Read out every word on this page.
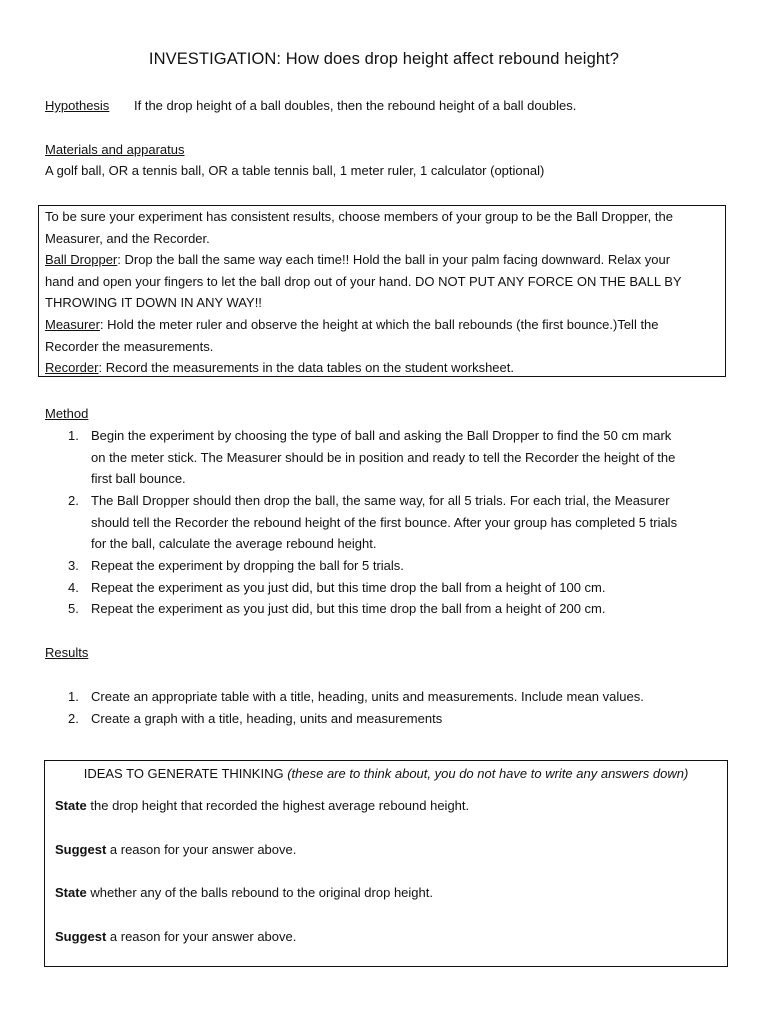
INVESTIGATION: How does drop height affect rebound height?
Hypothesis If the drop height of a ball doubles, then the rebound height of a ball doubles.
Materials and apparatus
A golf ball, OR a tennis ball, OR a table tennis ball, 1 meter ruler, 1 calculator (optional)
To be sure your experiment has consistent results, choose members of your group to be the Ball Dropper, the
Measurer, and the Recorder.
Ball Dropper: Drop the ball the same way each time!! Hold the ball in your palm facing downward. Relax your
hand and open your fingers to let the ball drop out of your hand. DO NOT PUT ANY FORCE ON THE BALL BY
THROWING IT DOWN IN ANY WAY!!
Measurer: Hold the meter ruler and observe the height at which the ball rebounds (the first bounce.)Tell the
Recorder the measurements.
Recorder: Record the measurements in the data tables on the student worksheet.
Method
1. Begin the experiment by choosing the type of ball and asking the Ball Dropper to find the 50 cm mark
on the meter stick. The Measurer should be in position and ready to tell the Recorder the height of the
first ball bounce.
2. The Ball Dropper should then drop the ball, the same way, for all 5 trials. For each trial, the Measurer
should tell the Recorder the rebound height of the first bounce. After your group has completed 5 trials
for the ball, calculate the average rebound height.
3. Repeat the experiment by dropping the ball for 5 trials.
4. Repeat the experiment as you just did, but this time drop the ball from a height of 100 cm.
5. Repeat the experiment as you just did, but this time drop the ball from a height of 200 cm.
Results
1. Create an appropriate table with a title, heading, units and measurements. Include mean values.
2. Create a graph with a title, heading, units and measurements
IDEAS TO GENERATE THINKING (these are to think about, you do not have to write any answers down)
State the drop height that recorded the highest average rebound height.
Suggest a reason for your answer above.
State whether any of the balls rebound to the original drop height.
Suggest a reason for your answer above.
